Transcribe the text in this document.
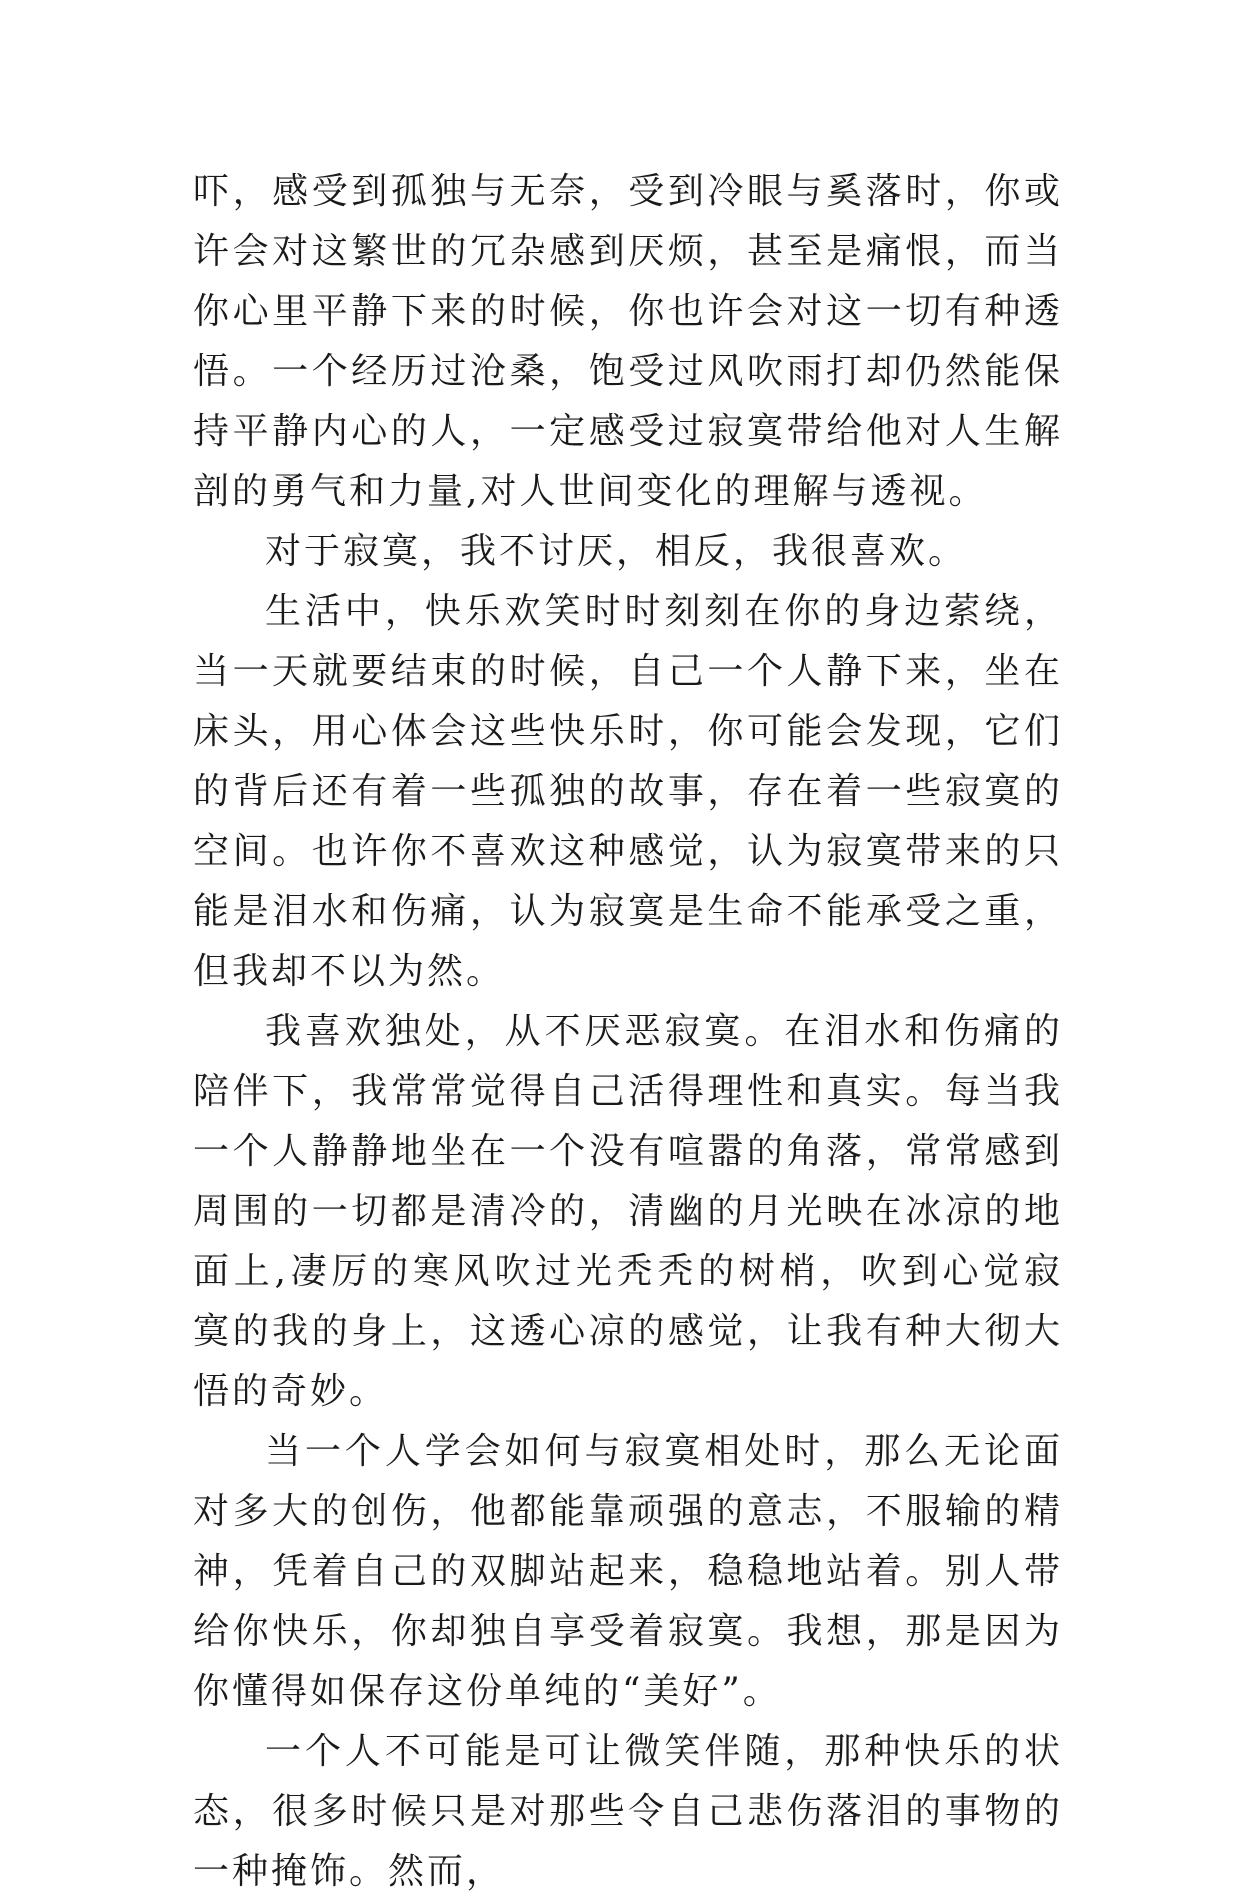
吓，感受到孤独与无奈，受到冷眼与奚落时，你或许会对这繁世的冗杂感到厌烦，甚至是痛恨，而当你心里平静下来的时候，你也许会对这一切有种透悟。一个经历过沧桑，饱受过风吹雨打却仍然能保持平静内心的人，一定感受过寂寞带给他对人生解剖的勇气和力量,对人世间变化的理解与透视。

对于寂寞，我不讨厌，相反，我很喜欢。

生活中，快乐欢笑时时刻刻在你的身边萦绕，当一天就要结束的时候，自己一个人静下来，坐在床头，用心体会这些快乐时，你可能会发现，它们的背后还有着一些孤独的故事，存在着一些寂寞的空间。也许你不喜欢这种感觉，认为寂寞带来的只能是泪水和伤痛，认为寂寞是生命不能承受之重，但我却不以为然。

我喜欢独处，从不厌恶寂寞。在泪水和伤痛的陪伴下，我常常觉得自己活得理性和真实。每当我一个人静静地坐在一个没有喧嚣的角落，常常感到周围的一切都是清冷的，清幽的月光映在冰凉的地面上,凄厉的寒风吹过光秃秃的树梢，吹到心觉寂寞的我的身上，这透心凉的感觉，让我有种大彻大悟的奇妙。

当一个人学会如何与寂寞相处时，那么无论面对多大的创伤，他都能靠顽强的意志，不服输的精神，凭着自己的双脚站起来，稳稳地站着。别人带给你快乐，你却独自享受着寂寞。我想，那是因为你懂得如保存这份单纯的“美好”。

一个人不可能是可让微笑伴随，那种快乐的状态，很多时候只是对那些令自己悲伤落泪的事物的一种掩饰。然而，
